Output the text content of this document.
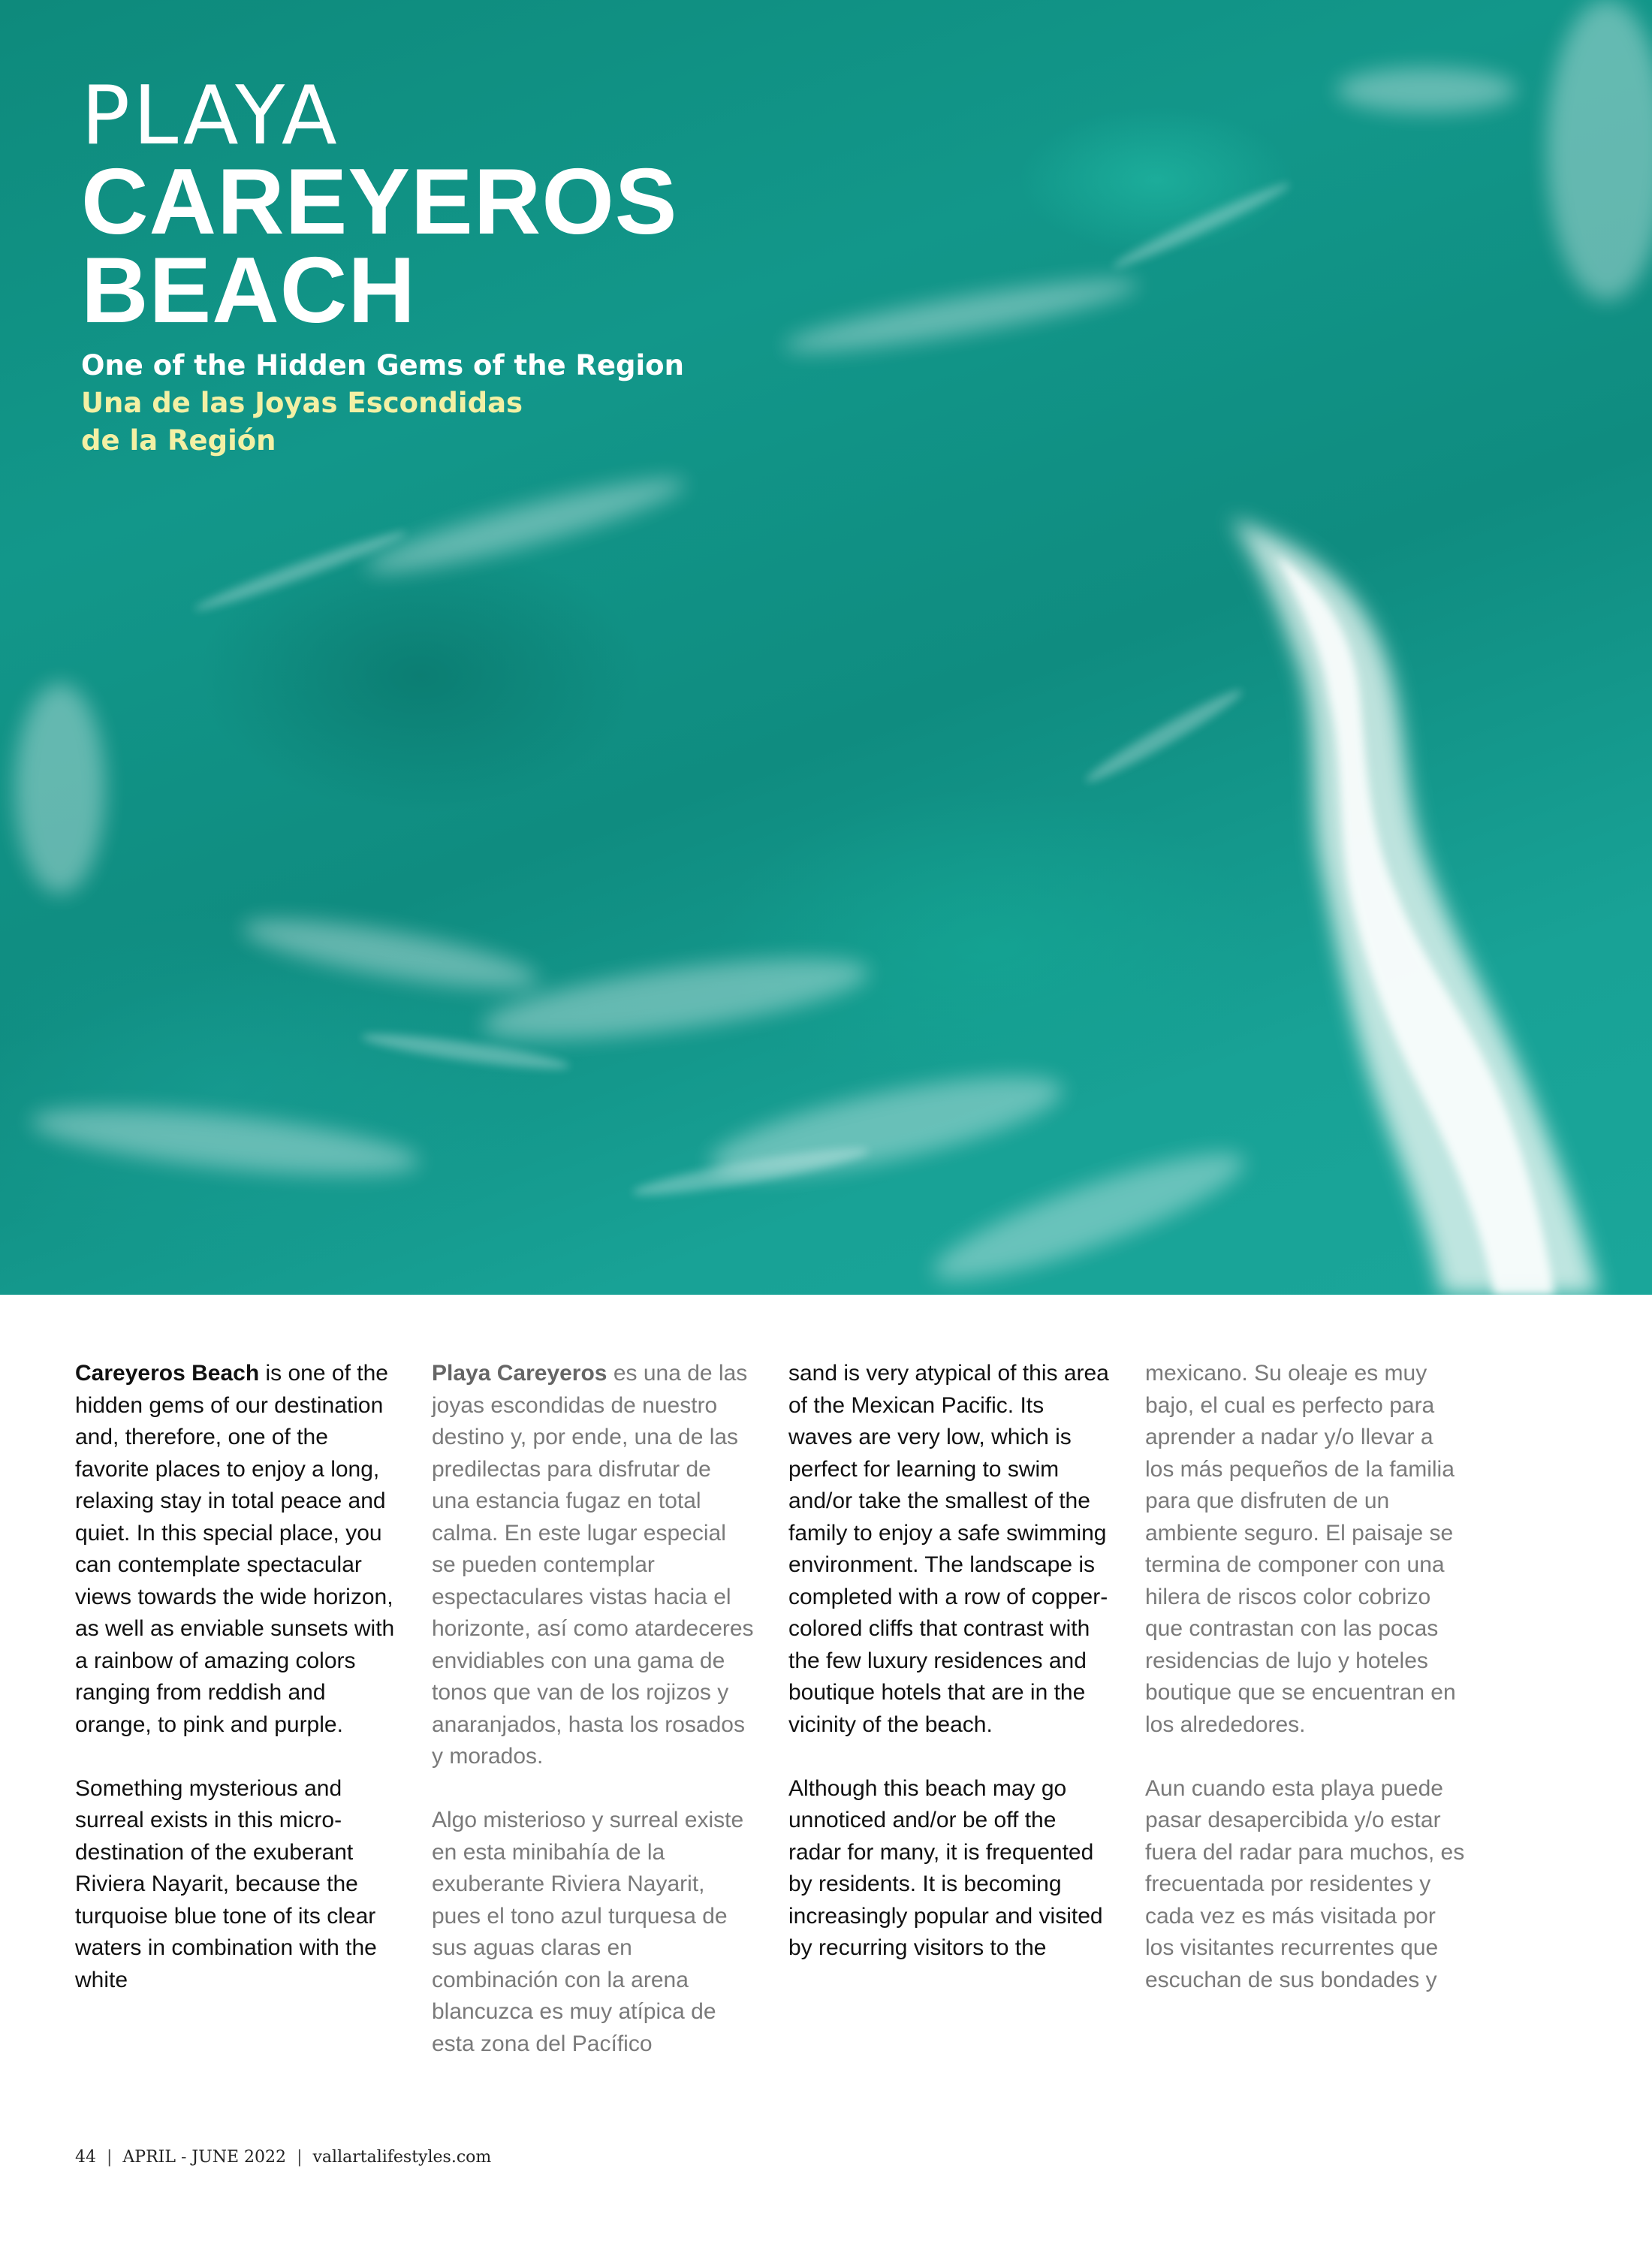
PLAYA
CAREYEROS
BEACH
One of the Hidden Gems of the Region
Una de las Joyas Escondidas
de la Región

Careyeros Beach is one of the hidden gems of our destination and, therefore, one of the favorite places to enjoy a long, relaxing stay in total peace and quiet. In this special place, you can contemplate spectacular views towards the wide horizon, as well as enviable sunsets with a rainbow of amazing colors ranging from reddish and orange, to pink and purple.

Something mysterious and surreal exists in this micro-destination of the exuberant Riviera Nayarit, because the turquoise blue tone of its clear waters in combination with the white

Playa Careyeros es una de las joyas escondidas de nuestro destino y, por ende, una de las predilectas para disfrutar de una estancia fugaz en total calma. En este lugar especial se pueden contemplar espectaculares vistas hacia el horizonte, así como atardeceres envidiables con una gama de tonos que van de los rojizos y anaranjados, hasta los rosados y morados.

Algo misterioso y surreal existe en esta minibahía de la exuberante Riviera Nayarit, pues el tono azul turquesa de sus aguas claras en combinación con la arena blancuzca es muy atípica de esta zona del Pacífico

sand is very atypical of this area of the Mexican Pacific. Its waves are very low, which is perfect for learning to swim and/or take the smallest of the family to enjoy a safe swimming environment. The landscape is completed with a row of copper-colored cliffs that contrast with the few luxury residences and boutique hotels that are in the vicinity of the beach.

Although this beach may go unnoticed and/or be off the radar for many, it is frequented by residents. It is becoming increasingly popular and visited by recurring visitors to the

mexicano. Su oleaje es muy bajo, el cual es perfecto para aprender a nadar y/o llevar a los más pequeños de la familia para que disfruten de un ambiente seguro. El paisaje se termina de componer con una hilera de riscos color cobrizo que contrastan con las pocas residencias de lujo y hoteles boutique que se encuentran en los alrededores.

Aun cuando esta playa puede pasar desapercibida y/o estar fuera del radar para muchos, es frecuentada por residentes y cada vez es más visitada por los visitantes recurrentes que escuchan de sus bondades y

44 | APRIL - JUNE 2022 | vallartalifestyles.com
